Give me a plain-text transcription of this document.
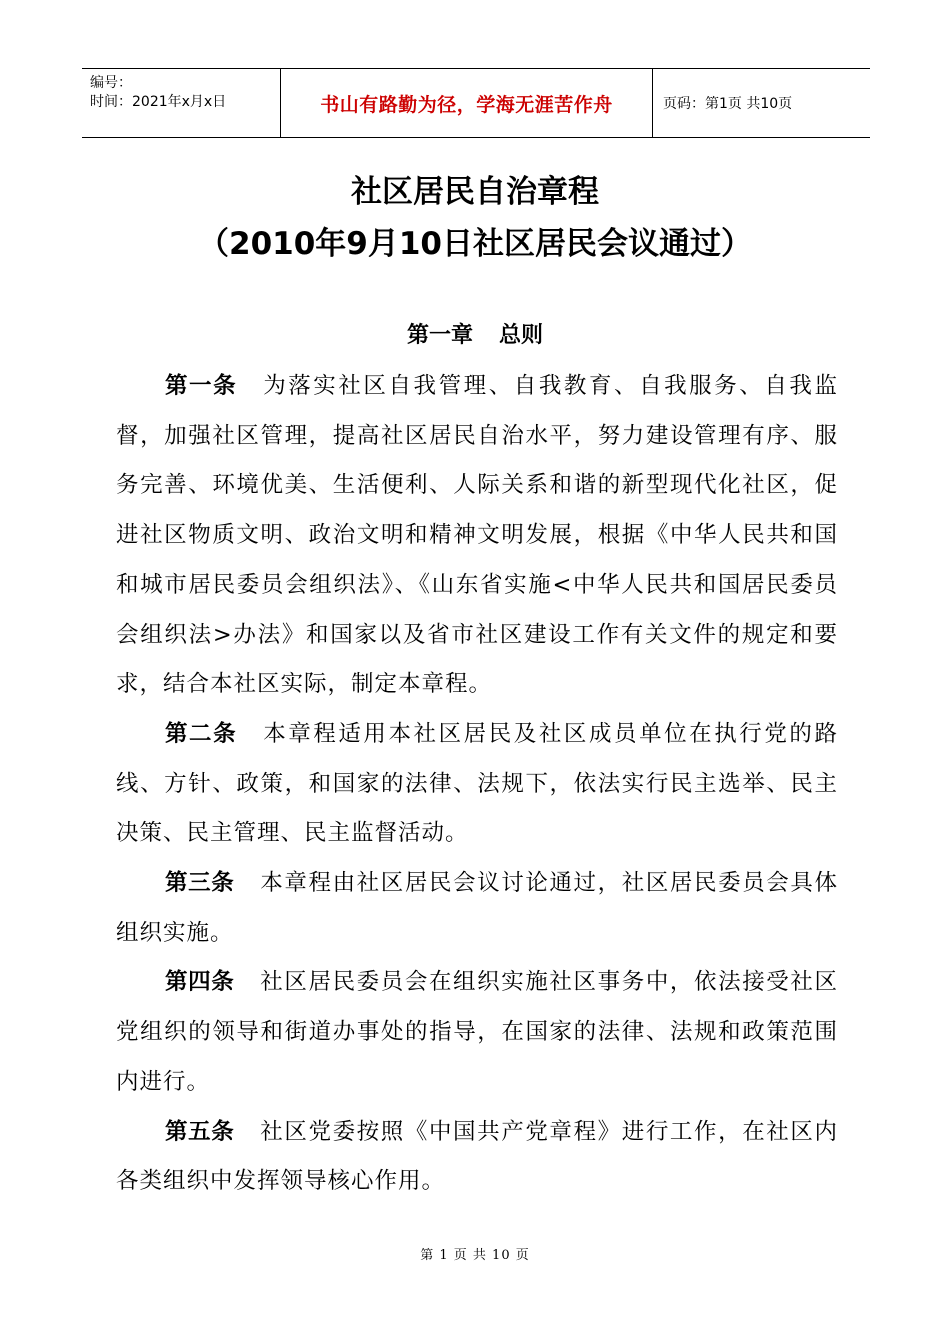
编号：
时间：2021年x月x日	书山有路勤为径，学海无涯苦作舟	页码：第1页 共10页
社区居民自治章程
（2010年9月10日社区居民会议通过）
第一章 总则

第一条 为落实社区自我管理、自我教育、自我服务、自我监督，加强社区管理，提高社区居民自治水平，努力建设管理有序、服务完善、环境优美、生活便利、人际关系和谐的新型现代化社区，促进社区物质文明、政治文明和精神文明发展，根据《中华人民共和国和城市居民委员会组织法》、《山东省实施<中华人民共和国居民委员会组织法>办法》和国家以及省市社区建设工作有关文件的规定和要求，结合本社区实际，制定本章程。

第二条 本章程适用本社区居民及社区成员单位在执行党的路线、方针、政策，和国家的法律、法规下，依法实行民主选举、民主决策、民主管理、民主监督活动。

第三条 本章程由社区居民会议讨论通过，社区居民委员会具体组织实施。

第四条 社区居民委员会在组织实施社区事务中，依法接受社区党组织的领导和街道办事处的指导，在国家的法律、法规和政策范围内进行。

第五条 社区党委按照《中国共产党章程》进行工作，在社区内各类组织中发挥领导核心作用。

第 1 页 共 10 页
